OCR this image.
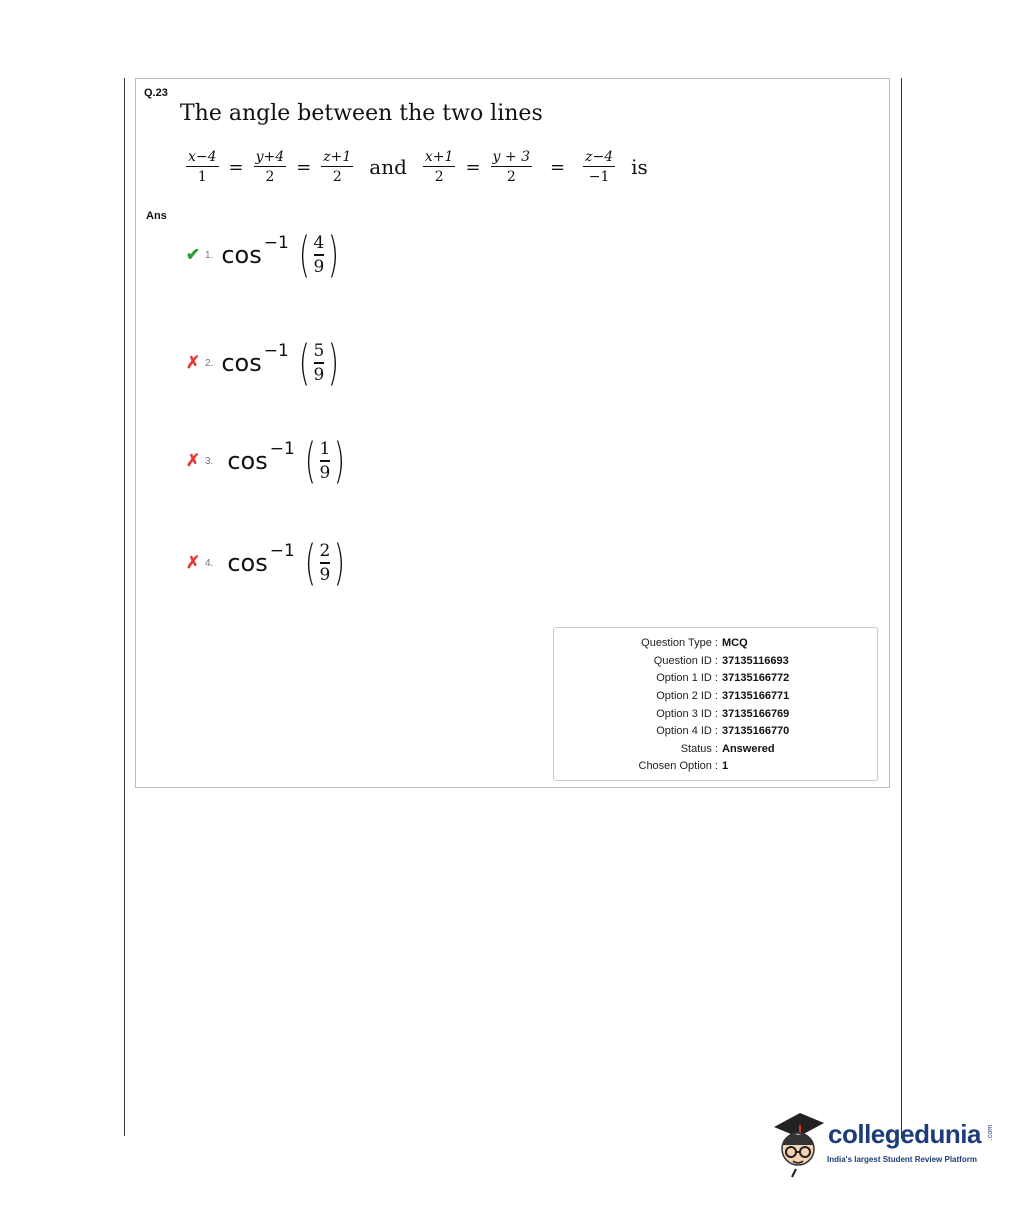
Q.23
The angle between the two lines
$\frac{x-4}{1} = \frac{y+4}{2} = \frac{z+1}{2}$ and $\frac{x+1}{2} = \frac{y + 3}{2} = \frac{z-4}{-1}$ is
Ans
✔ 1. cos −1 ( 4
9 )
✗ 2. cos −1 ( 5
9 )
✗ 3. cos −1 ( 1
9 )
✗ 4. cos −1 ( 2
9 )
Question Type : MCQ
Question ID : 37135116693
Option 1 ID : 37135166772
Option 2 ID : 37135166771
Option 3 ID : 37135166769
Option 4 ID : 37135166770
Status : Answered
Chosen Option : 1
collegedunia .com
India's largest Student Review Platform
